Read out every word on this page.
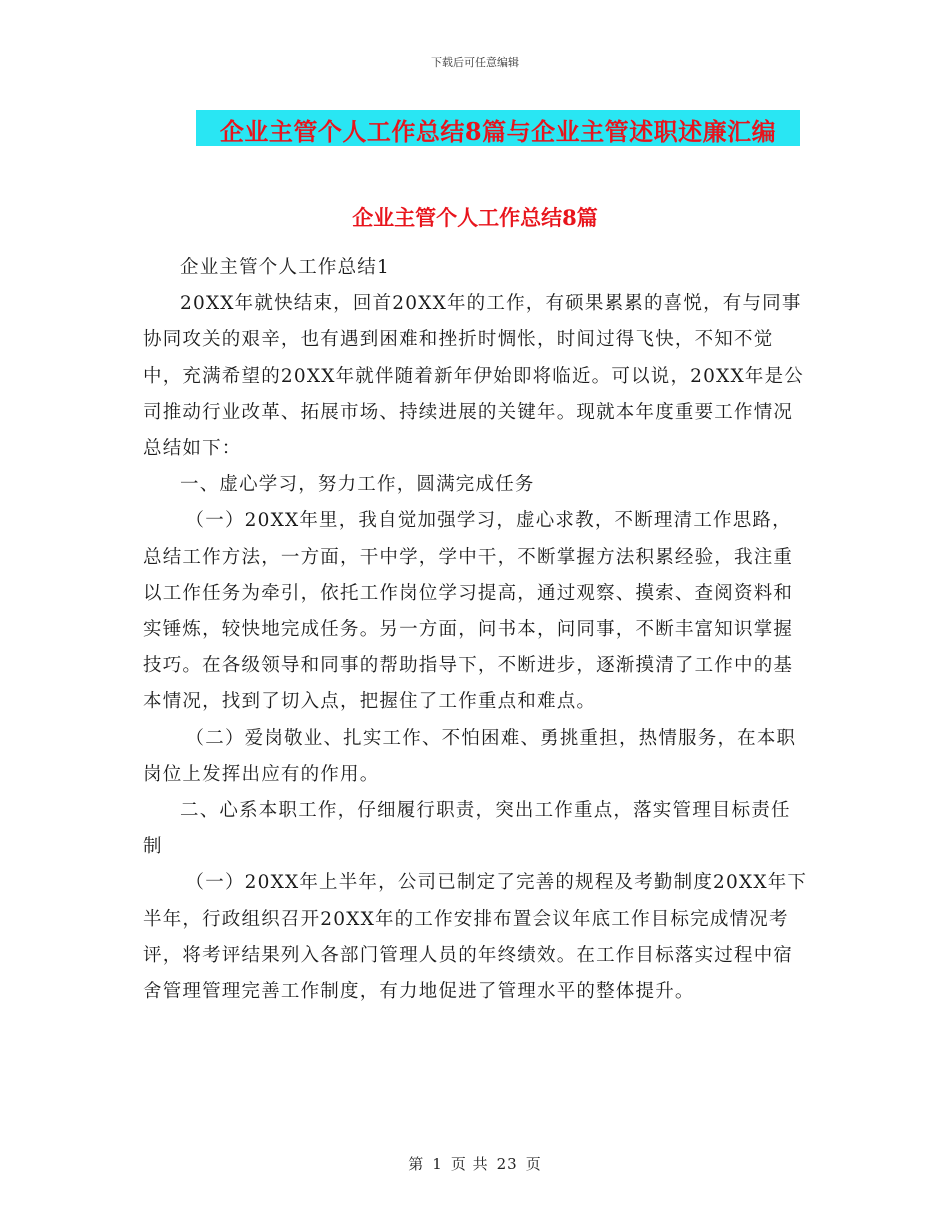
下载后可任意编辑
企业主管个人工作总结8篇与企业主管述职述廉汇编
企业主管个人工作总结8篇

企业主管个人工作总结1

20XX年就快结束，回首20XX年的工作，有硕果累累的喜悦，有与同事协同攻关的艰辛，也有遇到困难和挫折时惆怅，时间过得飞快，不知不觉中，充满希望的20XX年就伴随着新年伊始即将临近。可以说，20XX年是公司推动行业改革、拓展市场、持续进展的关键年。现就本年度重要工作情况总结如下：

一、虚心学习，努力工作，圆满完成任务

（一）20XX年里，我自觉加强学习，虚心求教，不断理清工作思路，总结工作方法，一方面，干中学，学中干，不断掌握方法积累经验，我注重以工作任务为牵引，依托工作岗位学习提高，通过观察、摸索、查阅资料和实锤炼，较快地完成任务。另一方面，问书本，问同事，不断丰富知识掌握技巧。在各级领导和同事的帮助指导下，不断进步，逐渐摸清了工作中的基本情况，找到了切入点，把握住了工作重点和难点。

（二）爱岗敬业、扎实工作、不怕困难、勇挑重担，热情服务，在本职岗位上发挥出应有的作用。

二、心系本职工作，仔细履行职责，突出工作重点，落实管理目标责任制

（一）20XX年上半年，公司已制定了完善的规程及考勤制度20XX年下半年，行政组织召开20XX年的工作安排布置会议年底工作目标完成情况考评，将考评结果列入各部门管理人员的年终绩效。在工作目标落实过程中宿舍管理管理完善工作制度，有力地促进了管理水平的整体提升。

第 1 页 共 23 页
